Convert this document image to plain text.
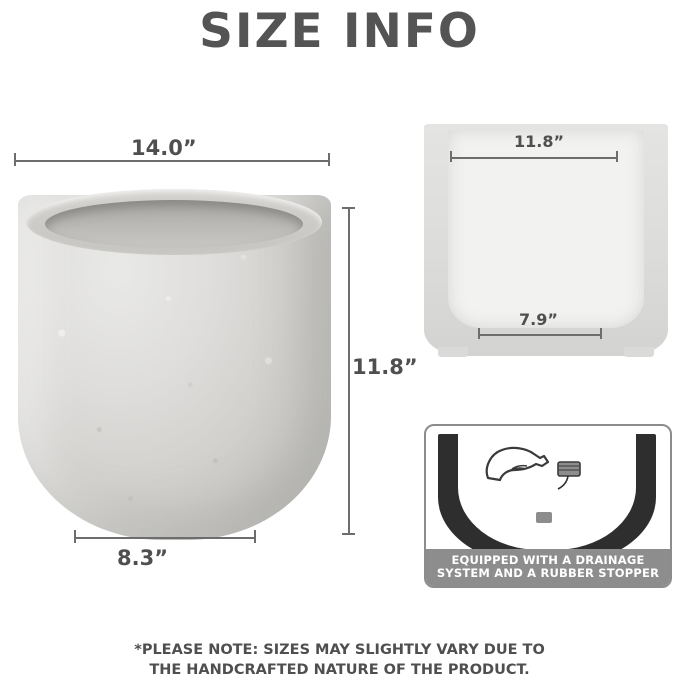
SIZE INFO
14.0”
11.8”
8.3”
11.8”
7.9”
EQUIPPED WITH A DRAINAGE
SYSTEM AND A RUBBER STOPPER
*PLEASE NOTE: SIZES MAY SLIGHTLY VARY DUE TO
THE HANDCRAFTED NATURE OF THE PRODUCT.
